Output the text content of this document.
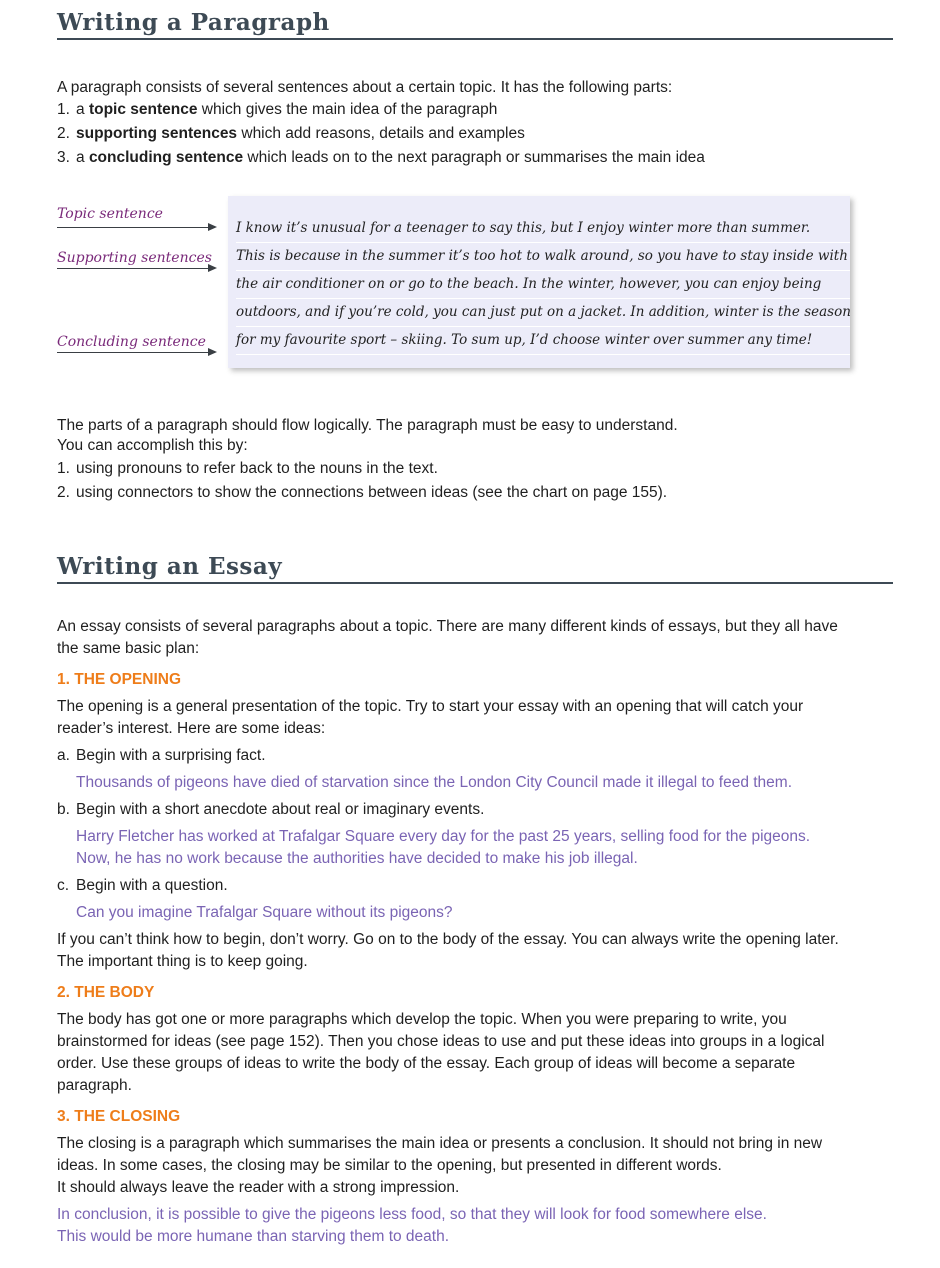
Writing a Paragraph

A paragraph consists of several sentences about a certain topic. It has the following parts:

1. a topic sentence which gives the main idea of the paragraph
2. supporting sentences which add reasons, details and examples
3. a concluding sentence which leads on to the next paragraph or summarises the main idea
Topic sentence
Supporting sentences
Concluding sentence
I know it’s unusual for a teenager to say this, but I enjoy winter more than summer.
This is because in the summer it’s too hot to walk around, so you have to stay inside with
the air conditioner on or go to the beach. In the winter, however, you can enjoy being
outdoors, and if you’re cold, you can just put on a jacket. In addition, winter is the season
for my favourite sport – skiing. To sum up, I’d choose winter over summer any time!

The parts of a paragraph should flow logically. The paragraph must be easy to understand.

You can accomplish this by:

1. using pronouns to refer back to the nouns in the text.
2. using connectors to show the connections between ideas (see the chart on page 155).
Writing an Essay

An essay consists of several paragraphs about a topic. There are many different kinds of essays, but they all have

the same basic plan:

1. THE OPENING

The opening is a general presentation of the topic. Try to start your essay with an opening that will catch your

reader’s interest. Here are some ideas:

a. Begin with a surprising fact.

Thousands of pigeons have died of starvation since the London City Council made it illegal to feed them.

b. Begin with a short anecdote about real or imaginary events.

Harry Fletcher has worked at Trafalgar Square every day for the past 25 years, selling food for the pigeons.

Now, he has no work because the authorities have decided to make his job illegal.

c. Begin with a question.

Can you imagine Trafalgar Square without its pigeons?

If you can’t think how to begin, don’t worry. Go on to the body of the essay. You can always write the opening later.

The important thing is to keep going.

2. THE BODY

The body has got one or more paragraphs which develop the topic. When you were preparing to write, you

brainstormed for ideas (see page 152). Then you chose ideas to use and put these ideas into groups in a logical

order. Use these groups of ideas to write the body of the essay. Each group of ideas will become a separate

paragraph.

3. THE CLOSING

The closing is a paragraph which summarises the main idea or presents a conclusion. It should not bring in new

ideas. In some cases, the closing may be similar to the opening, but presented in different words.

It should always leave the reader with a strong impression.

In conclusion, it is possible to give the pigeons less food, so that they will look for food somewhere else.

This would be more humane than starving them to death.
